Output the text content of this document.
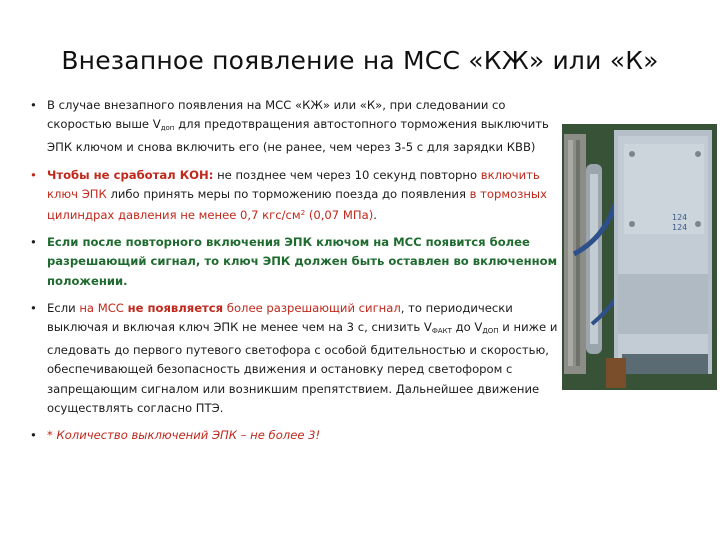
Внезапное появление на МСС «КЖ» или «К»
• В случае внезапного появления на МСС «КЖ» или «К», при следовании со скоростью выше $V_{доп}$ для предотвращения автостопного торможения выключить ЭПК ключом и снова включить его (не ранее, чем через 3-5 с для зарядки КВВ)
• Чтобы не сработал КОН: не позднее чем через 10 секунд повторно включить ключ ЭПК либо принять меры по торможению поезда до появления в тормозных цилиндрах давления не менее 0,7 кгс/$см^2$ (0,07 МПа).
• Если после повторного включения ЭПК ключом на МСС появится более разрешающий сигнал, то ключ ЭПК должен быть оставлен во включенном положении.
• Если на МСС не появляется более разрешающий сигнал, то периодически выключая и включая ключ ЭПК не менее чем на 3 с, снизить $V_{ФАКТ}$ до $V_{ДОП}$ и ниже и следовать до первого путевого светофора с особой бдительностью и скоростью, обеспечивающей безопасность движения и остановку перед светофором с запрещающим сигналом или возникшим препятствием. Дальнейшее движение осуществлять согласно ПТЭ.
• * Количество выключений ЭПК – не более 3!
124
124
